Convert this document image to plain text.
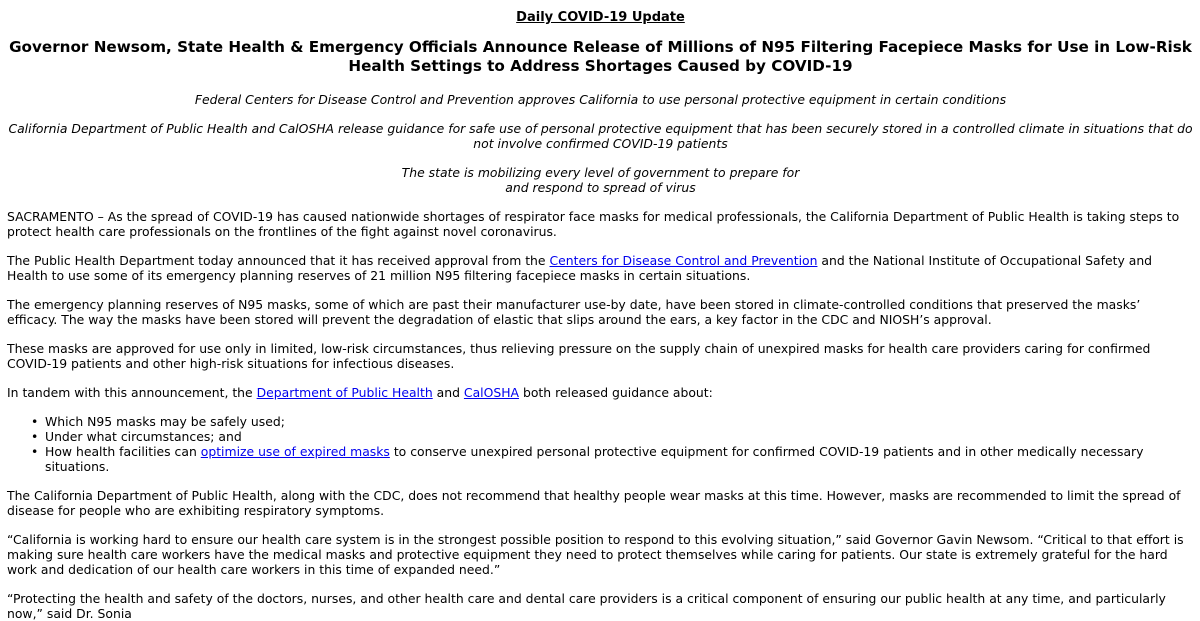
Daily COVID-19 Update
Governor Newsom, State Health & Emergency Officials Announce Release of Millions of N95 Filtering Facepiece Masks for Use in Low-Risk Health Settings to Address Shortages Caused by COVID-19

Federal Centers for Disease Control and Prevention approves California to use personal protective equipment in certain conditions

California Department of Public Health and CalOSHA release guidance for safe use of personal protective equipment that has been securely stored in a controlled climate in situations that do not involve confirmed COVID-19 patients

The state is mobilizing every level of government to prepare for
and respond to spread of virus

SACRAMENTO – As the spread of COVID-19 has caused nationwide shortages of respirator face masks for medical professionals, the California Department of Public Health is taking steps to protect health care professionals on the frontlines of the fight against novel coronavirus.

The Public Health Department today announced that it has received approval from the Centers for Disease Control and Prevention and the National Institute of Occupational Safety and Health to use some of its emergency planning reserves of 21 million N95 filtering facepiece masks in certain situations.

The emergency planning reserves of N95 masks, some of which are past their manufacturer use-by date, have been stored in climate-controlled conditions that preserved the masks’ efficacy. The way the masks have been stored will prevent the degradation of elastic that slips around the ears, a key factor in the CDC and NIOSH’s approval.

These masks are approved for use only in limited, low-risk circumstances, thus relieving pressure on the supply chain of unexpired masks for health care providers caring for confirmed COVID-19 patients and other high-risk situations for infectious diseases.

In tandem with this announcement, the Department of Public Health and CalOSHA both released guidance about:

• Which N95 masks may be safely used;
• Under what circumstances; and
• How health facilities can optimize use of expired masks to conserve unexpired personal protective equipment for confirmed COVID-19 patients and in other medically necessary situations.

The California Department of Public Health, along with the CDC, does not recommend that healthy people wear masks at this time. However, masks are recommended to limit the spread of disease for people who are exhibiting respiratory symptoms.

“California is working hard to ensure our health care system is in the strongest possible position to respond to this evolving situation,” said Governor Gavin Newsom. “Critical to that effort is making sure health care workers have the medical masks and protective equipment they need to protect themselves while caring for patients. Our state is extremely grateful for the hard work and dedication of our health care workers in this time of expanded need.”

“Protecting the health and safety of the doctors, nurses, and other health care and dental care providers is a critical component of ensuring our public health at any time, and particularly now,” said Dr. Sonia
